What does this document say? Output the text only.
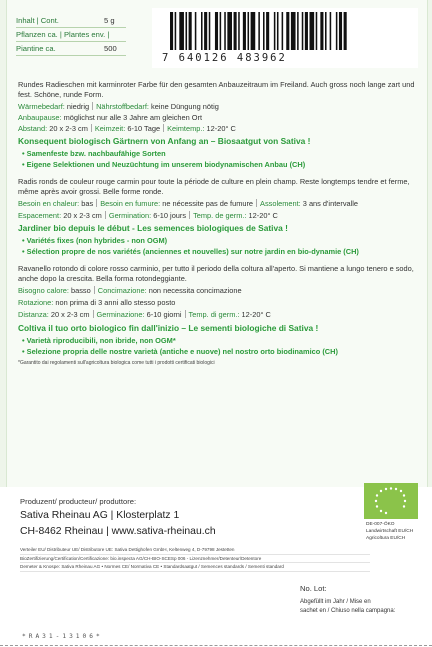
Inhalt | Cont.	5 g
Pflanzen ca. | Plantes env. |
Piantine ca.	500
7 640126 483962
Rundes Radieschen mit karminroter Farbe für den gesamten Anbauzeitraum im Freiland. Auch gross noch lange zart und fest. Schöne, runde Form.
Wärmebedarf: niedrig Nährstoffbedarf: keine Düngung nötig
Anbaupause: möglichst nur alle 3 Jahre am gleichen Ort
Abstand: 20 x 2-3 cm Keimzeit: 6-10 Tage Keimtemp.: 12-20° C
Konsequent biologisch Gärtnern von Anfang an – Biosaatgut von Sativa !
• Samenfeste bzw. nachbaufähige Sorten
• Eigene Selektionen und Neuzüchtung im unserem biodynamischen Anbau (CH)
Radis ronds de couleur rouge carmin pour toute la période de culture en plein champ. Reste longtemps tendre et ferme, même après avoir grossi. Belle forme ronde.
Besoin en chaleur: bas Besoin en fumure: ne nécessite pas de fumure Assolement: 3 ans d'intervalle
Espacement: 20 x 2-3 cm Germination: 6-10 jours Temp. de germ.: 12-20° C
Jardiner bio depuis le début - Les semences biologiques de Sativa !
• Variétés fixes (non hybrides - non OGM)
• Sélection propre de nos variétés (anciennes et nouvelles) sur notre jardin en bio-dynamie (CH)
Ravanello rotondo di colore rosso carminio, per tutto il periodo della coltura all'aperto. Si mantiene a lungo tenero e sodo, anche dopo la crescita. Bella forma rotondeggiante.
Bisogno calore: basso Concimazione: non necessita concimazione
Rotazione: non prima di 3 anni allo stesso posto
Distanza: 20 x 2-3 cm Germinazione: 6-10 giorni Temp. di germ.: 12-20° C
Coltiva il tuo orto biologico fin dall'inizio – Le sementi biologiche di Sativa !
• Varietà riproducibili, non ibride, non OGM*
• Selezione propria delle nostre varietà (antiche e nuove) nel nostro orto biodinamico (CH)
*Garantito dai regolamenti sull'agricoltura biologica come tutti i prodotti certificati biologici
Produzent/ producteur/ produttore:
Sativa Rheinau AG | Klosterplatz 1
CH-8462 Rheinau | www.sativa-rheinau.ch
Verteiler EU/ Distributeur UE/ Distributore UE: Sativa Dettighofen GmbH, Keltenweg 4, D-79798 Jestetten
BioZertifizierung/Certification/Certificazione: bio.inspecta AG/CH-BIO-SCESp 006 - Lizenznehmer/Detenteur/Detentore
Demeter & Knospe: Sativa Rheinau AG • Normes CE/ Normativa CE • Standardsaatgut / Semences standards / Sementi standard
DE-007-ÖKO
Landwirtschaft EU/CH
Agricoltura EU/CH
No. Lot:
Abgefüllt im Jahr / Mise en
sachet en / Chiuso nella campagna:
*RA31-13106*
